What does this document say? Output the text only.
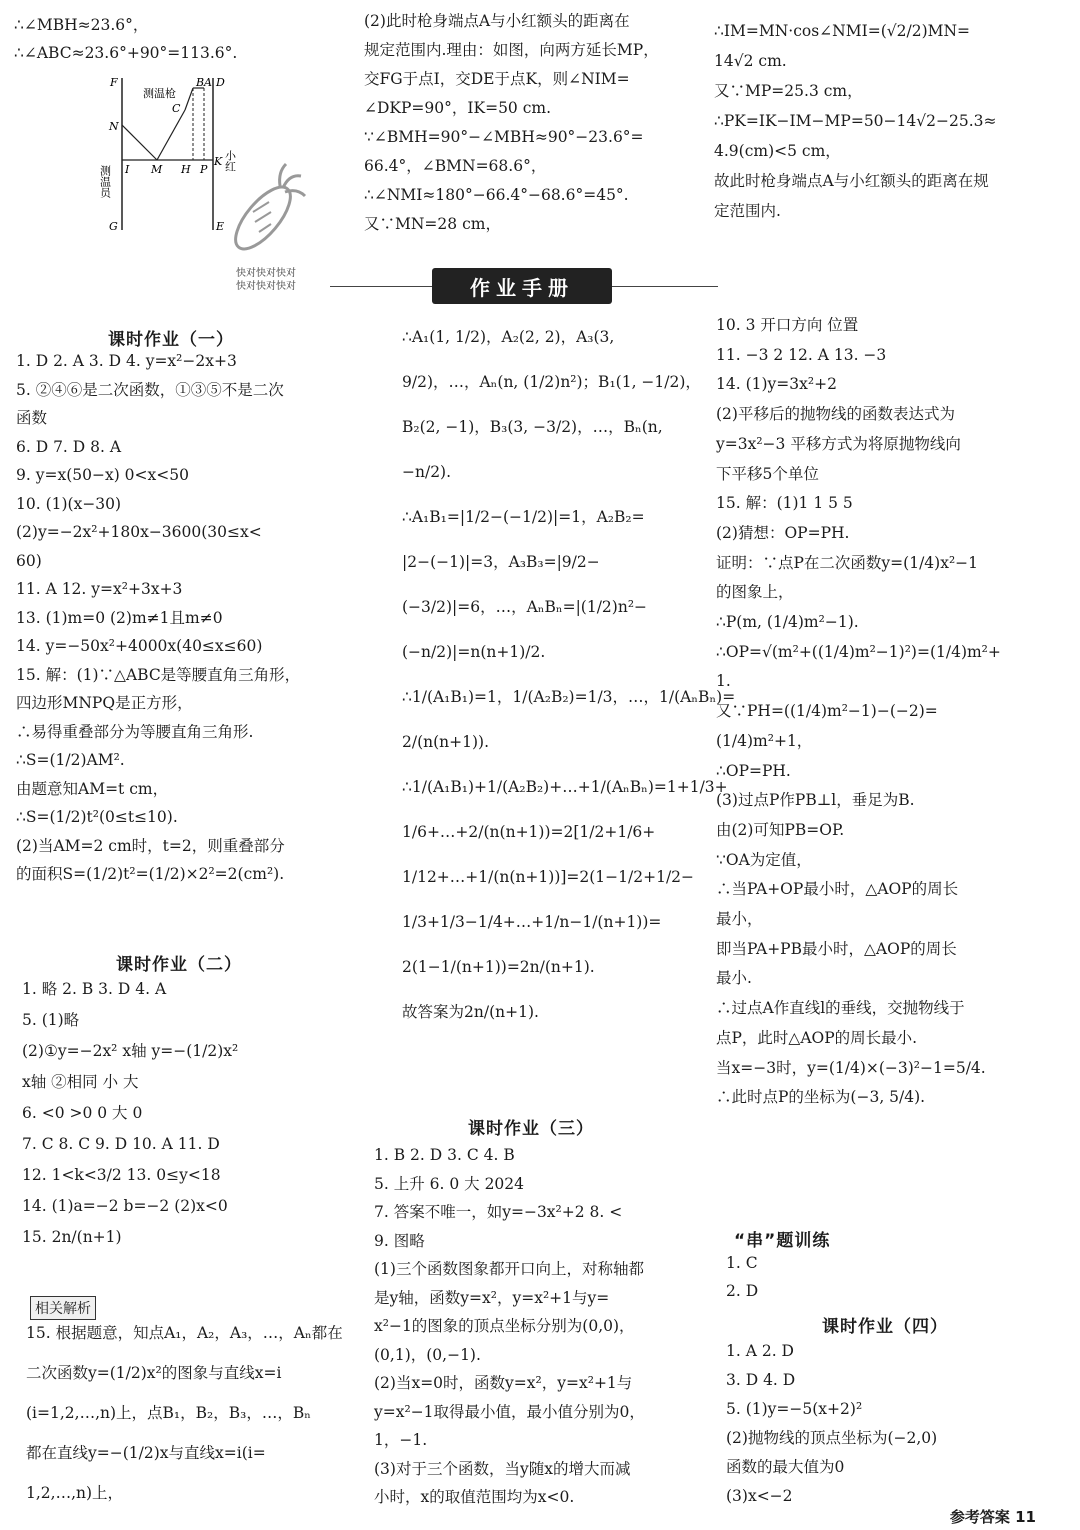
∴∠MBH≈23.6°，
∴∠ABC≈23.6°+90°=113.6°.
F	B A D
测温枪
C
N
I M H P
K
G	E
测温员
小红
快对快对快对
快对快对快对
(2)此时枪身端点A与小红额头的距离在
规定范围内.理由：如图，向两方延长MP，
交FG于点I，交DE于点K，则∠NIM=
∠DKP=90°，IK=50 cm.
∵∠BMH=90°−∠MBH≈90°−23.6°=
66.4°，∠BMN=68.6°，
∴∠NMI≈180°−66.4°−68.6°=45°.
又∵MN=28 cm，
∴IM=MN·cos∠NMI=(√2/2)MN=
14√2 cm.
又∵MP=25.3 cm，
∴PK=IK−IM−MP=50−14√2−25.3≈
4.9(cm)<5 cm，
故此时枪身端点A与小红额头的距离在规
定范围内.
作业手册
课时作业（一）
1. D 2. A 3. D 4. y=x²−2x+3
5. ②④⑥是二次函数，①③⑤不是二次
函数
6. D 7. D 8. A
9. y=x(50−x) 0<x<50
10. (1)(x−30)
(2)y=−2x²+180x−3600(30≤x<
60)
11. A 12. y=x²+3x+3
13. (1)m=0 (2)m≠1且m≠0
14. y=−50x²+4000x(40≤x≤60)
15. 解：(1)∵△ABC是等腰直角三角形，
四边形MNPQ是正方形，
∴易得重叠部分为等腰直角三角形.
∴S=(1/2)AM².
由题意知AM=t cm，
∴S=(1/2)t²(0≤t≤10).
(2)当AM=2 cm时，t=2，则重叠部分
的面积S=(1/2)t²=(1/2)×2²=2(cm²).
课时作业（二）
1. 略 2. B 3. D 4. A
5. (1)略
(2)①y=−2x² x轴 y=−(1/2)x²
x轴 ②相同 小 大
6. <0 >0 0 大 0
7. C 8. C 9. D 10. A 11. D
12. 1<k<3/2 13. 0≤y<18
14. (1)a=−2 b=−2 (2)x<0
15. 2n/(n+1)
相关解析
15. 根据题意，知点A₁，A₂，A₃，…，Aₙ都在
二次函数y=(1/2)x²的图象与直线x=i
(i=1,2,…,n)上，点B₁，B₂，B₃，…，Bₙ
都在直线y=−(1/2)x与直线x=i(i=
1,2,…,n)上，
∴A₁(1, 1/2)，A₂(2, 2)，A₃(3,
9/2)，…，Aₙ(n, (1/2)n²)；B₁(1, −1/2)，
B₂(2, −1)，B₃(3, −3/2)，…，Bₙ(n,
−n/2).
∴A₁B₁=|1/2−(−1/2)|=1，A₂B₂=
|2−(−1)|=3，A₃B₃=|9/2−
(−3/2)|=6，…，AₙBₙ=|(1/2)n²−
(−n/2)|=n(n+1)/2.
∴1/(A₁B₁)=1，1/(A₂B₂)=1/3，…，1/(AₙBₙ)=
2/(n(n+1)).
∴1/(A₁B₁)+1/(A₂B₂)+…+1/(AₙBₙ)=1+1/3+
1/6+…+2/(n(n+1))=2[1/2+1/6+
1/12+…+1/(n(n+1))]=2(1−1/2+1/2−
1/3+1/3−1/4+…+1/n−1/(n+1))=
2(1−1/(n+1))=2n/(n+1).
故答案为2n/(n+1).
课时作业（三）
1. B 2. D 3. C 4. B
5. 上升 6. 0 大 2024
7. 答案不唯一，如y=−3x²+2 8. <
9. 图略
(1)三个函数图象都开口向上，对称轴都
是y轴，函数y=x²，y=x²+1与y=
x²−1的图象的顶点坐标分别为(0,0)，
(0,1)，(0,−1).
(2)当x=0时，函数y=x²，y=x²+1与
y=x²−1取得最小值，最小值分别为0，
1，−1.
(3)对于三个函数，当y随x的增大而减
小时，x的取值范围均为x<0.
10. 3 开口方向 位置
11. −3 2 12. A 13. −3
14. (1)y=3x²+2
(2)平移后的抛物线的函数表达式为
y=3x²−3 平移方式为将原抛物线向
下平移5个单位
15. 解：(1)1 1 5 5
(2)猜想：OP=PH.
证明：∵点P在二次函数y=(1/4)x²−1
的图象上，
∴P(m, (1/4)m²−1).
∴OP=√(m²+((1/4)m²−1)²)=(1/4)m²+
1.
又∵PH=((1/4)m²−1)−(−2)=
(1/4)m²+1，
∴OP=PH.
(3)过点P作PB⊥l，垂足为B.
由(2)可知PB=OP.
∵OA为定值，
∴当PA+OP最小时，△AOP的周长
最小，
即当PA+PB最小时，△AOP的周长
最小.
∴过点A作直线l的垂线，交抛物线于
点P，此时△AOP的周长最小.
当x=−3时，y=(1/4)×(−3)²−1=5/4.
∴此时点P的坐标为(−3, 5/4).
“串”题训练
1. C
2. D
课时作业（四）
1. A 2. D
3. D 4. D
5. (1)y=−5(x+2)²
(2)抛物线的顶点坐标为(−2,0)
函数的最大值为0
(3)x<−2
参考答案 11
